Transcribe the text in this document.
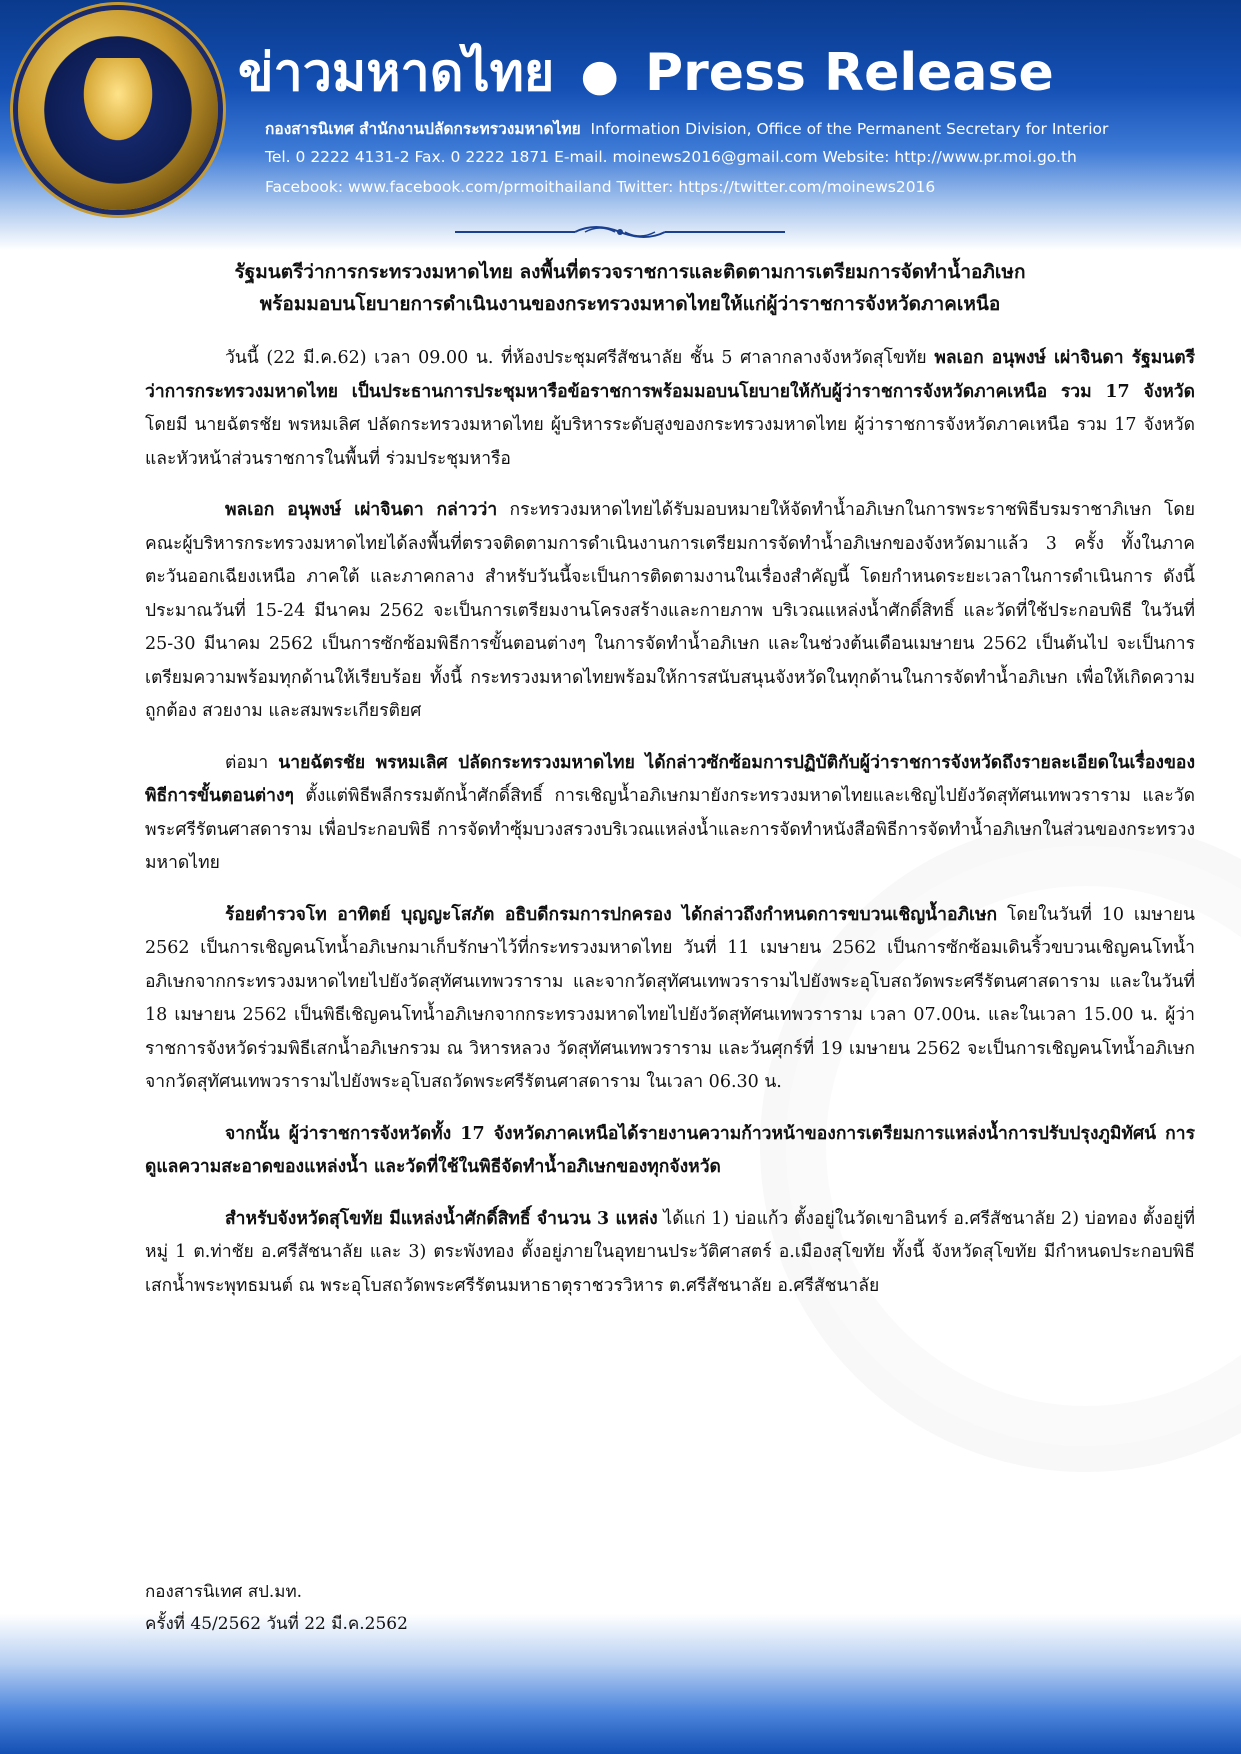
ข่าวมหาดไทย ● Press Release
กองสารนิเทศ สำนักงานปลัดกระทรวงมหาดไทย Information Division, Office of the Permanent Secretary for Interior
Tel. 0 2222 4131-2 Fax. 0 2222 1871 E-mail. moinews2016@gmail.com Website: http://www.pr.moi.go.th
Facebook: www.facebook.com/prmoithailand Twitter: https://twitter.com/moinews2016
รัฐมนตรีว่าการกระทรวงมหาดไทย ลงพื้นที่ตรวจราชการและติดตามการเตรียมการจัดทำน้ำอภิเษก
พร้อมมอบนโยบายการดำเนินงานของกระทรวงมหาดไทยให้แก่ผู้ว่าราชการจังหวัดภาคเหนือ

วันนี้ (22 มี.ค.62) เวลา 09.00 น. ที่ห้องประชุมศรีสัชนาลัย ชั้น 5 ศาลากลางจังหวัดสุโขทัย พลเอก อนุพงษ์ เผ่าจินดา รัฐมนตรีว่าการกระทรวงมหาดไทย เป็นประธานการประชุมหารือข้อราชการพร้อมมอบนโยบายให้กับผู้ว่าราชการจังหวัดภาคเหนือ รวม 17 จังหวัด โดยมี นายฉัตรชัย พรหมเลิศ ปลัดกระทรวงมหาดไทย ผู้บริหารระดับสูงของกระทรวงมหาดไทย ผู้ว่าราชการจังหวัดภาคเหนือ รวม 17 จังหวัด และหัวหน้าส่วนราชการในพื้นที่ ร่วมประชุมหารือ

พลเอก อนุพงษ์ เผ่าจินดา กล่าวว่า กระทรวงมหาดไทยได้รับมอบหมายให้จัดทำน้ำอภิเษกในการพระราชพิธีบรมราชาภิเษก โดยคณะผู้บริหารกระทรวงมหาดไทยได้ลงพื้นที่ตรวจติดตามการดำเนินงานการเตรียมการจัดทำน้ำอภิเษกของจังหวัดมาแล้ว 3 ครั้ง ทั้งในภาคตะวันออกเฉียงเหนือ ภาคใต้ และภาคกลาง สำหรับวันนี้จะเป็นการติดตามงานในเรื่องสำคัญนี้ โดยกำหนดระยะเวลาในการดำเนินการ ดังนี้ ประมาณวันที่ 15-24 มีนาคม 2562 จะเป็นการเตรียมงานโครงสร้างและกายภาพ บริเวณแหล่งน้ำศักดิ์สิทธิ์ และวัดที่ใช้ประกอบพิธี ในวันที่ 25-30 มีนาคม 2562 เป็นการซักซ้อมพิธีการขั้นตอนต่างๆ ในการจัดทำน้ำอภิเษก และในช่วงต้นเดือนเมษายน 2562 เป็นต้นไป จะเป็นการเตรียมความพร้อมทุกด้านให้เรียบร้อย ทั้งนี้ กระทรวงมหาดไทยพร้อมให้การสนับสนุนจังหวัดในทุกด้านในการจัดทำน้ำอภิเษก เพื่อให้เกิดความถูกต้อง สวยงาม และสมพระเกียรติยศ

ต่อมา นายฉัตรชัย พรหมเลิศ ปลัดกระทรวงมหาดไทย ได้กล่าวซักซ้อมการปฏิบัติกับผู้ว่าราชการจังหวัดถึงรายละเอียดในเรื่องของพิธีการขั้นตอนต่างๆ ตั้งแต่พิธีพลีกรรมตักน้ำศักดิ์สิทธิ์ การเชิญน้ำอภิเษกมายังกระทรวงมหาดไทยและเชิญไปยังวัดสุทัศนเทพวราราม และวัดพระศรีรัตนศาสดาราม เพื่อประกอบพิธี การจัดทำซุ้มบวงสรวงบริเวณแหล่งน้ำและการจัดทำหนังสือพิธีการจัดทำน้ำอภิเษกในส่วนของกระทรวงมหาดไทย

ร้อยตำรวจโท อาทิตย์ บุญญะโสภัต อธิบดีกรมการปกครอง ได้กล่าวถึงกำหนดการขบวนเชิญน้ำอภิเษก โดยในวันที่ 10 เมษายน 2562 เป็นการเชิญคนโทน้ำอภิเษกมาเก็บรักษาไว้ที่กระทรวงมหาดไทย วันที่ 11 เมษายน 2562 เป็นการซักซ้อมเดินริ้วขบวนเชิญคนโทน้ำอภิเษกจากกระทรวงมหาดไทยไปยังวัดสุทัศนเทพวราราม และจากวัดสุทัศนเทพวรารามไปยังพระอุโบสถวัดพระศรีรัตนศาสดาราม และในวันที่ 18 เมษายน 2562 เป็นพิธีเชิญคนโทน้ำอภิเษกจากกระทรวงมหาดไทยไปยังวัดสุทัศนเทพวราราม เวลา 07.00น. และในเวลา 15.00 น. ผู้ว่าราชการจังหวัดร่วมพิธีเสกน้ำอภิเษกรวม ณ วิหารหลวง วัดสุทัศนเทพวราราม และวันศุกร์ที่ 19 เมษายน 2562 จะเป็นการเชิญคนโทน้ำอภิเษกจากวัดสุทัศนเทพวรารามไปยังพระอุโบสถวัดพระศรีรัตนศาสดาราม ในเวลา 06.30 น.

จากนั้น ผู้ว่าราชการจังหวัดทั้ง 17 จังหวัดภาคเหนือได้รายงานความก้าวหน้าของการเตรียมการแหล่งน้ำการปรับปรุงภูมิทัศน์ การดูแลความสะอาดของแหล่งน้ำ และวัดที่ใช้ในพิธีจัดทำน้ำอภิเษกของทุกจังหวัด

สำหรับจังหวัดสุโขทัย มีแหล่งน้ำศักดิ์สิทธิ์ จำนวน 3 แหล่ง ได้แก่ 1) บ่อแก้ว ตั้งอยู่ในวัดเขาอินทร์ อ.ศรีสัชนาลัย 2) บ่อทอง ตั้งอยู่ที่หมู่ 1 ต.ท่าชัย อ.ศรีสัชนาลัย และ 3) ตระพังทอง ตั้งอยู่ภายในอุทยานประวัติศาสตร์ อ.เมืองสุโขทัย ทั้งนี้ จังหวัดสุโขทัย มีกำหนดประกอบพิธีเสกน้ำพระพุทธมนต์ ณ พระอุโบสถวัดพระศรีรัตนมหาธาตุราชวรวิหาร ต.ศรีสัชนาลัย อ.ศรีสัชนาลัย

กองสารนิเทศ สป.มท.
ครั้งที่ 45/2562 วันที่ 22 มี.ค.2562
